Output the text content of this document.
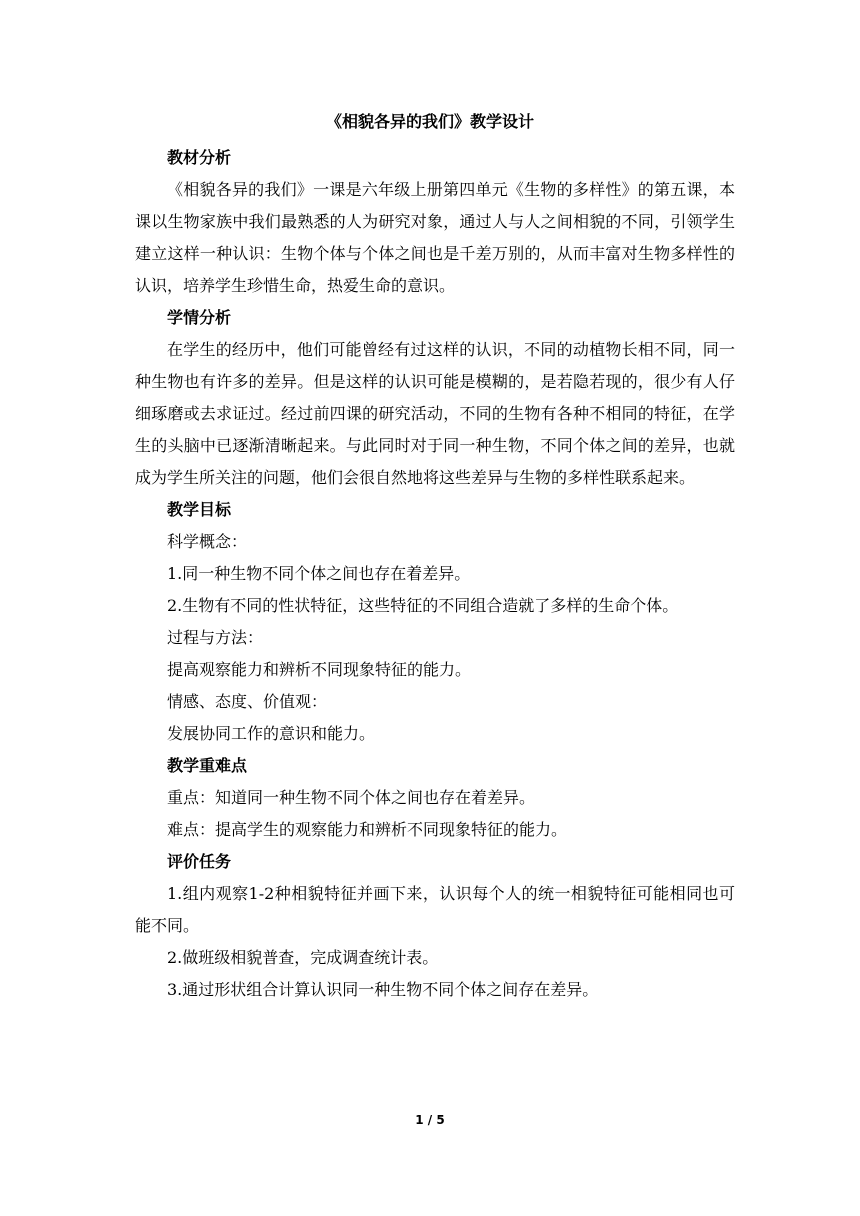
《相貌各异的我们》教学设计
教材分析

《相貌各异的我们》一课是六年级上册第四单元《生物的多样性》的第五课，本课以生物家族中我们最熟悉的人为研究对象，通过人与人之间相貌的不同，引领学生建立这样一种认识：生物个体与个体之间也是千差万别的，从而丰富对生物多样性的认识，培养学生珍惜生命，热爱生命的意识。

学情分析

在学生的经历中，他们可能曾经有过这样的认识，不同的动植物长相不同，同一种生物也有许多的差异。但是这样的认识可能是模糊的，是若隐若现的，很少有人仔细琢磨或去求证过。经过前四课的研究活动，不同的生物有各种不相同的特征，在学生的头脑中已逐渐清晰起来。与此同时对于同一种生物，不同个体之间的差异，也就成为学生所关注的问题，他们会很自然地将这些差异与生物的多样性联系起来。

教学目标
科学概念：
1.同一种生物不同个体之间也存在着差异。
2.生物有不同的性状特征，这些特征的不同组合造就了多样的生命个体。
过程与方法：
提高观察能力和辨析不同现象特征的能力。
情感、态度、价值观：
发展协同工作的意识和能力。
教学重难点
重点：知道同一种生物不同个体之间也存在着差异。
难点：提高学生的观察能力和辨析不同现象特征的能力。
评价任务

1.组内观察1-2种相貌特征并画下来，认识每个人的统一相貌特征可能相同也可能不同。

2.做班级相貌普查，完成调查统计表。
3.通过形状组合计算认识同一种生物不同个体之间存在差异。
1 / 5
